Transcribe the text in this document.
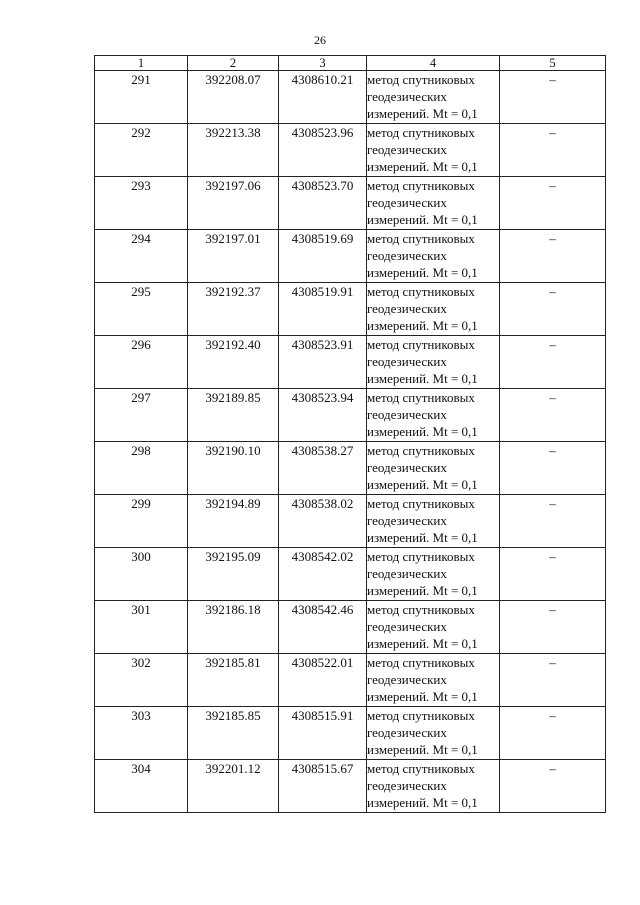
26
1	2	3	4	5
291	392208.07	4308610.21	метод спутниковых геодезических измерений. Mt = 0,1	–
292	392213.38	4308523.96	метод спутниковых геодезических измерений. Mt = 0,1	–
293	392197.06	4308523.70	метод спутниковых геодезических измерений. Mt = 0,1	–
294	392197.01	4308519.69	метод спутниковых геодезических измерений. Mt = 0,1	–
295	392192.37	4308519.91	метод спутниковых геодезических измерений. Mt = 0,1	–
296	392192.40	4308523.91	метод спутниковых геодезических измерений. Mt = 0,1	–
297	392189.85	4308523.94	метод спутниковых геодезических измерений. Mt = 0,1	–
298	392190.10	4308538.27	метод спутниковых геодезических измерений. Mt = 0,1	–
299	392194.89	4308538.02	метод спутниковых геодезических измерений. Mt = 0,1	–
300	392195.09	4308542.02	метод спутниковых геодезических измерений. Mt = 0,1	–
301	392186.18	4308542.46	метод спутниковых геодезических измерений. Mt = 0,1	–
302	392185.81	4308522.01	метод спутниковых геодезических измерений. Mt = 0,1	–
303	392185.85	4308515.91	метод спутниковых геодезических измерений. Mt = 0,1	–
304	392201.12	4308515.67	метод спутниковых геодезических измерений. Mt = 0,1	–
